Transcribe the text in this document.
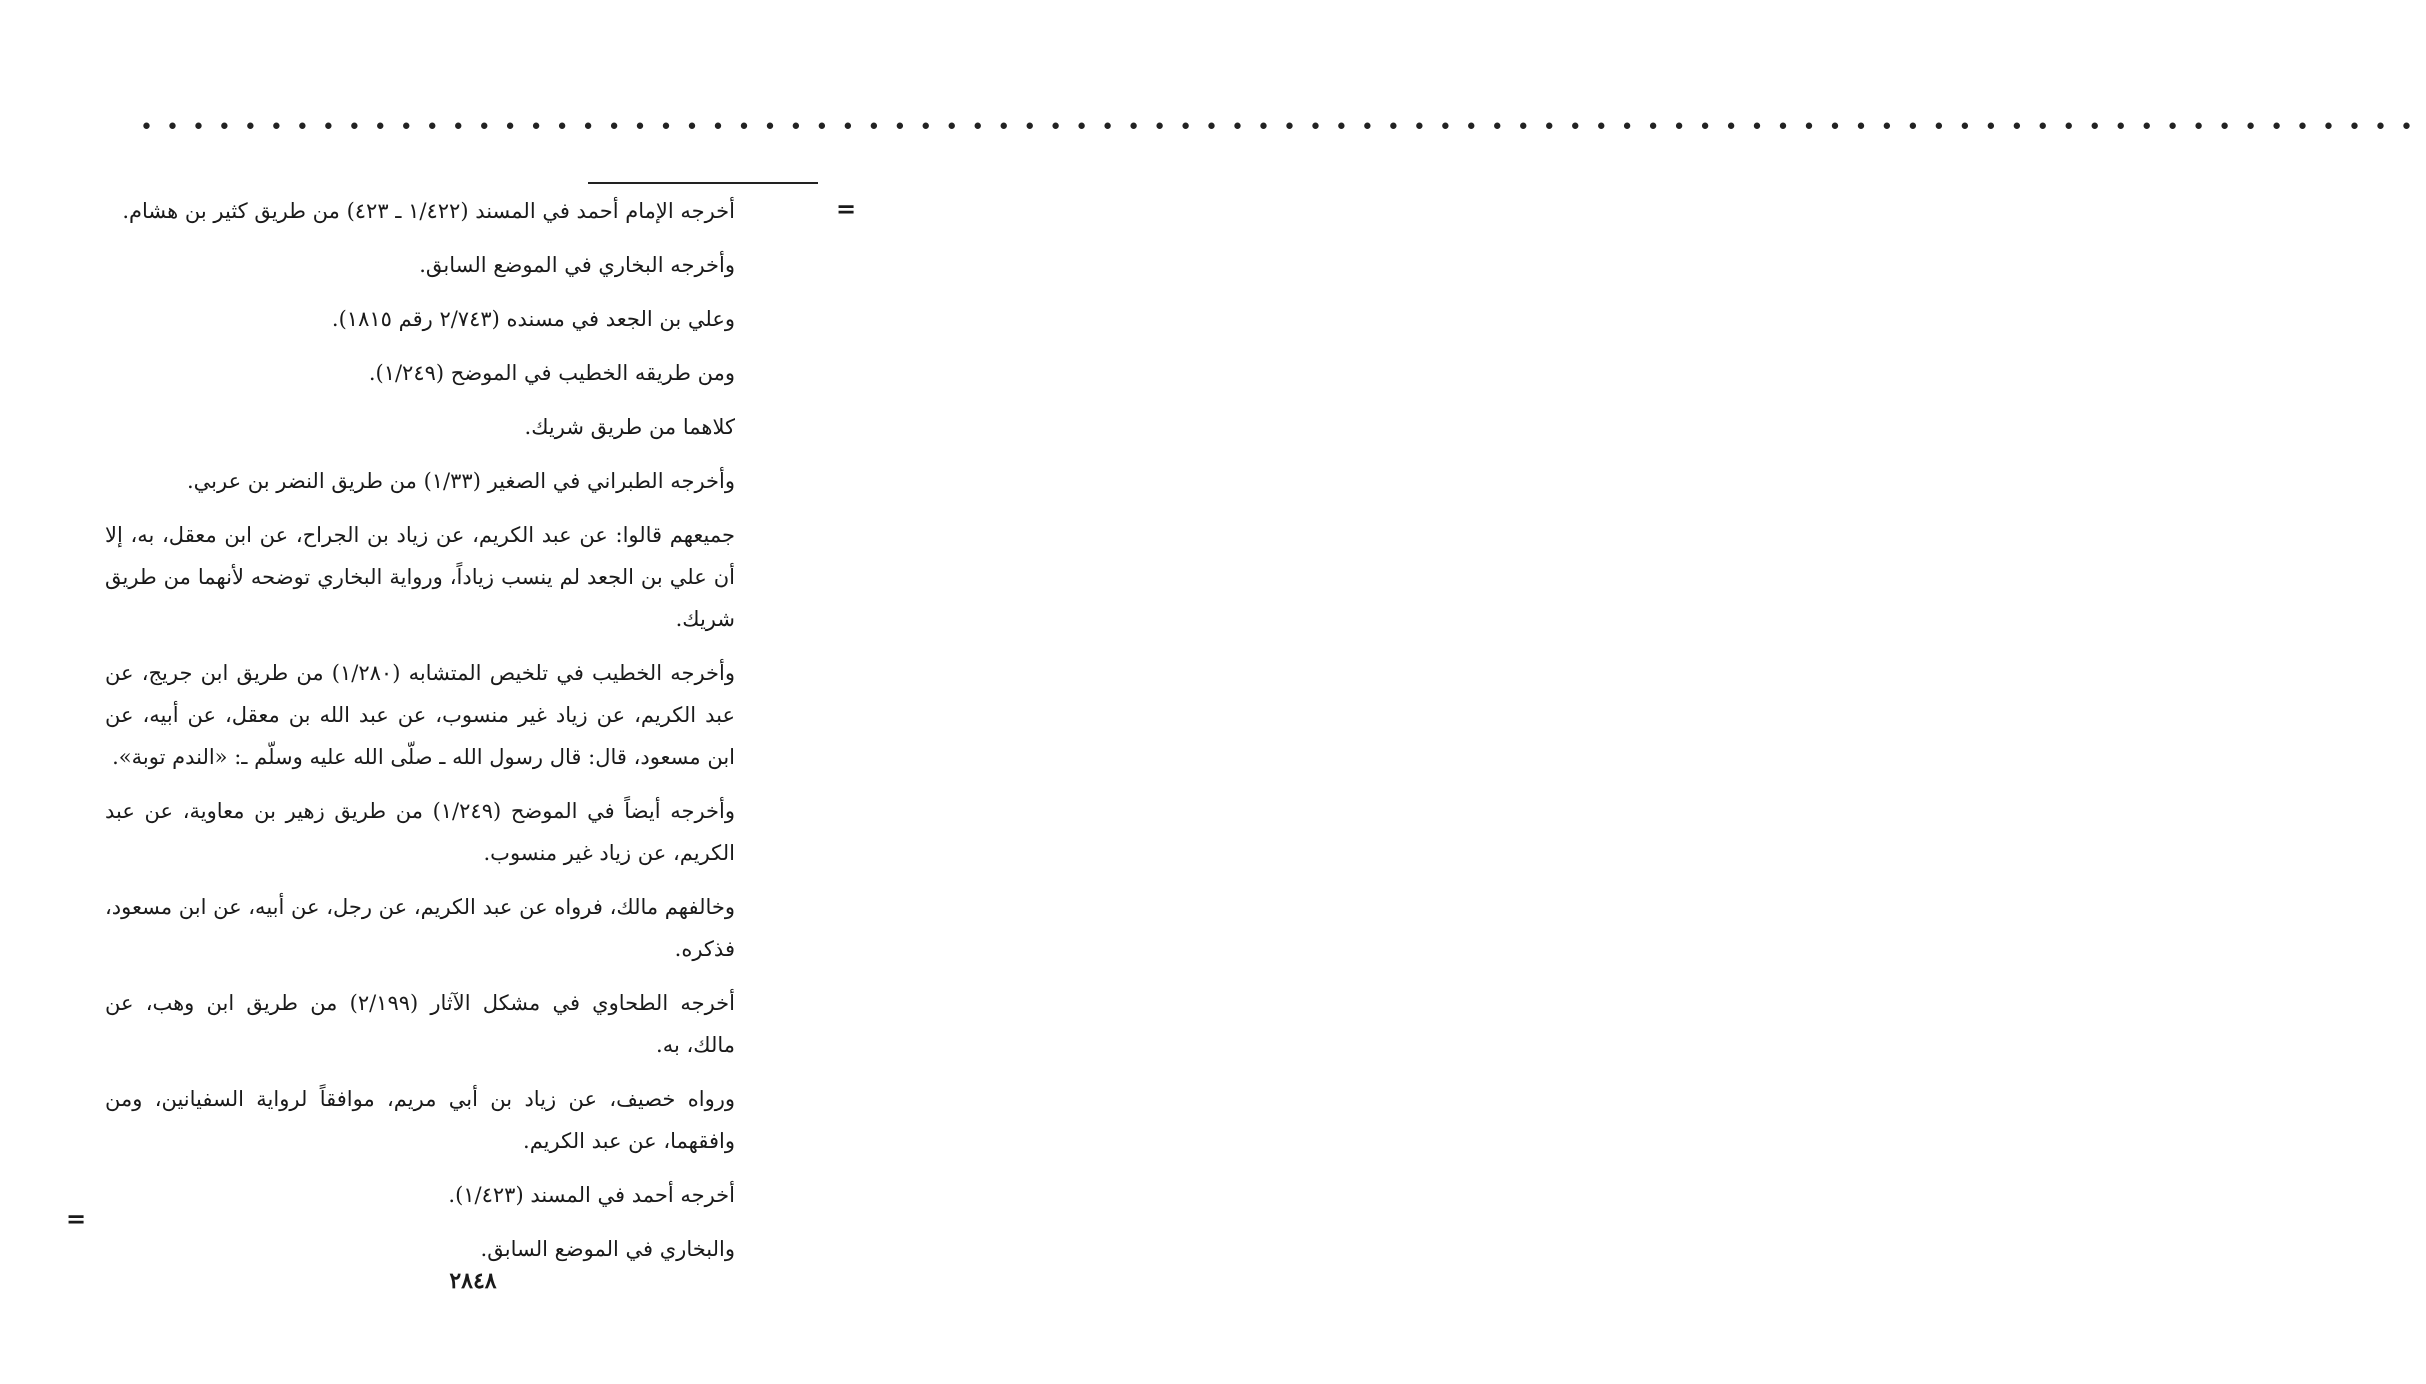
••••••••••••••••••••••••••••••••••••••••••••••••••••••••••••••••••••••••••••••••••••••••
=
=

أخرجه الإمام أحمد في المسند (١/٤٢٢ ـ ٤٢٣) من طريق كثير بن هشام.

وأخرجه البخاري في الموضع السابق.

وعلي بن الجعد في مسنده (٢/٧٤٣ رقم ١٨١٥).

ومن طريقه الخطيب في الموضح (١/٢٤٩).

كلاهما من طريق شريك.

وأخرجه الطبراني في الصغير (١/٣٣) من طريق النضر بن عربي.

جميعهم قالوا: عن عبد الكريم، عن زياد بن الجراح، عن ابن معقل، به، إلا أن علي بن الجعد لم ينسب زياداً، ورواية البخاري توضحه لأنهما من طريق شريك.

وأخرجه الخطيب في تلخيص المتشابه (١/٢٨٠) من طريق ابن جريج، عن عبد الكريم، عن زياد غير منسوب، عن عبد الله بن معقل، عن أبيه، عن ابن مسعود، قال: قال رسول الله ـ صلّى الله عليه وسلّم ـ: «الندم توبة».

وأخرجه أيضاً في الموضح (١/٢٤٩) من طريق زهير بن معاوية، عن عبد الكريم، عن زياد غير منسوب.

وخالفهم مالك، فرواه عن عبد الكريم، عن رجل، عن أبيه، عن ابن مسعود، فذكره.

أخرجه الطحاوي في مشكل الآثار (٢/١٩٩) من طريق ابن وهب، عن مالك، به.

ورواه خصيف، عن زياد بن أبي مريم، موافقاً لرواية السفيانين، ومن وافقهما، عن عبد الكريم.

أخرجه أحمد في المسند (١/٤٢٣).

والبخاري في الموضع السابق.

٢٨٤٨
